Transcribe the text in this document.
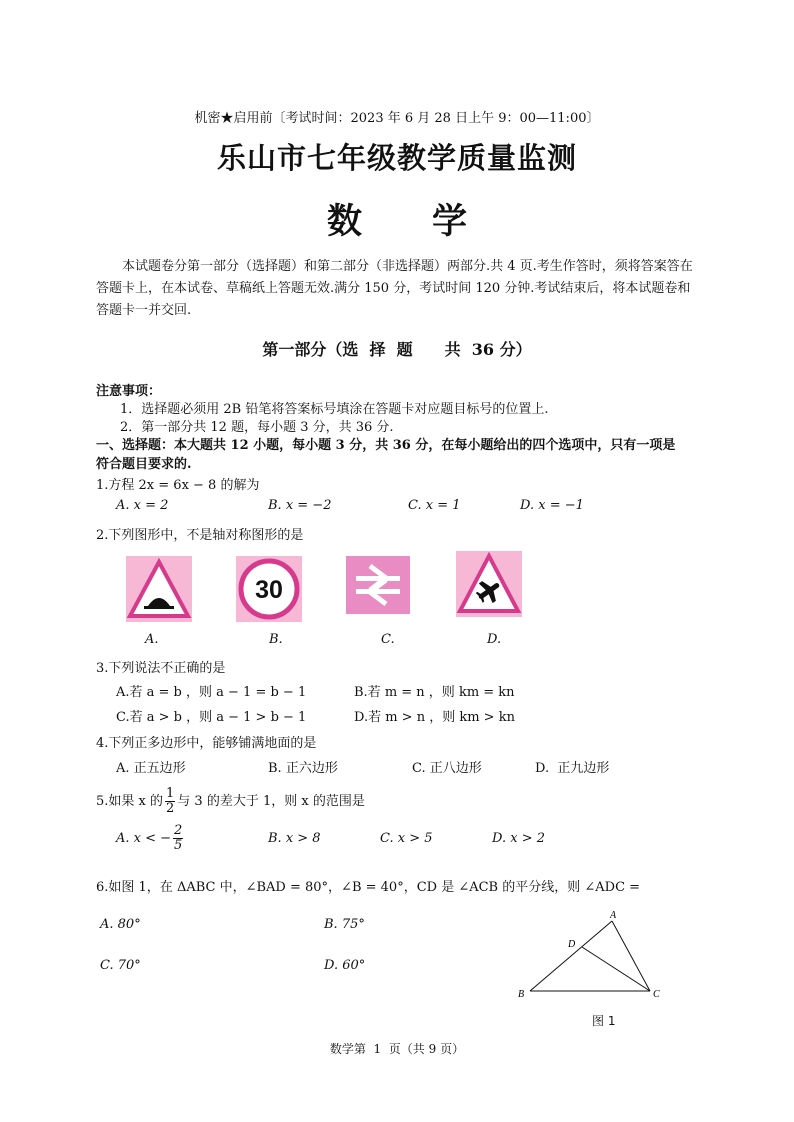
机密★启用前〔考试时间：2023 年 6 月 28 日上午 9：00—11:00〕
乐山市七年级教学质量监测
数　　学
本试题卷分第一部分（选择题）和第二部分（非选择题）两部分.共 4 页.考生作答时，须将答案答在答题卡上，在本试卷、草稿纸上答题无效.满分 150 分，考试时间 120 分钟.考试结束后，将本试题卷和答题卡一并交回.
第一部分（选  择  题　　共  36 分）
注意事项：
1．选择题必须用 2B 铅笔将答案标号填涂在答题卡对应题目标号的位置上.
2．第一部分共 12 题，每小题 3 分，共 36 分.
一、选择题：本大题共 12 小题，每小题 3 分，共 36 分，在每小题给出的四个选项中，只有一项是
符合题目要求的.
1.方程 2x = 6x − 8 的解为
A. x = 2	B. x = −2	C. x = 1	D. x = −1
2.下列图形中，不是轴对称图形的是
30
A.	B.	C.	D.
3.下列说法不正确的是
A.若 a = b ，则 a − 1 = b − 1	B.若 m = n ，则 km = kn
C.若 a > b ，则 a − 1 > b − 1	D.若 m > n ，则 km > kn
4.下列正多边形中，能够铺满地面的是
A. 正五边形	B. 正六边形	C. 正八边形	D.  正九边形
5.如果 x 的 $\frac{1}{2}$ 与 3 的差大于 1，则 x 的范围是
A. x < − $\frac{2}{5}$	B. x > 8	C. x > 5	D. x > 2
6.如图 1，在 ΔABC 中，∠BAD = 80°，∠B = 40°，CD 是 ∠ACB 的平分线，则 ∠ADC =
A. 80°	B. 75°
C. 70°	D. 60°
A
D
B	C
图 1
数学第  1  页（共 9 页）
